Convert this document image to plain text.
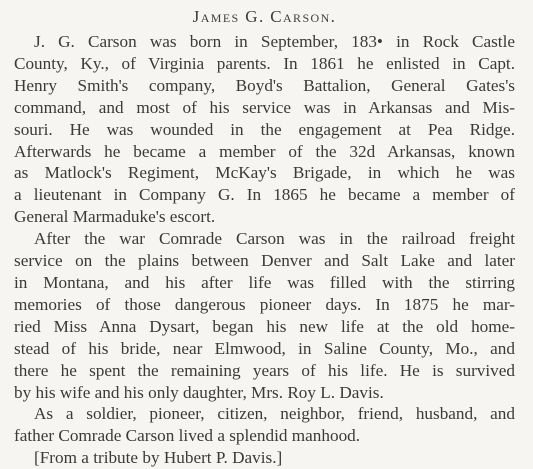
James G. Carson.
J. G. Carson was born in September, 183• in Rock Castle
County, Ky., of Virginia parents. In 1861 he enlisted in Capt.
Henry Smith's company, Boyd's Battalion, General Gates's
command, and most of his service was in Arkansas and Mis-
souri. He was wounded in the engagement at Pea Ridge.
Afterwards he became a member of the 32d Arkansas, known
as Matlock's Regiment, McKay's Brigade, in which he was
a lieutenant in Company G. In 1865 he became a member of
General Marmaduke's escort.
After the war Comrade Carson was in the railroad freight
service on the plains between Denver and Salt Lake and later
in Montana, and his after life was filled with the stirring
memories of those dangerous pioneer days. In 1875 he mar-
ried Miss Anna Dysart, began his new life at the old home-
stead of his bride, near Elmwood, in Saline County, Mo., and
there he spent the remaining years of his life. He is survived
by his wife and his only daughter, Mrs. Roy L. Davis.
As a soldier, pioneer, citizen, neighbor, friend, husband, and
father Comrade Carson lived a splendid manhood.
[From a tribute by Hubert P. Davis.]
